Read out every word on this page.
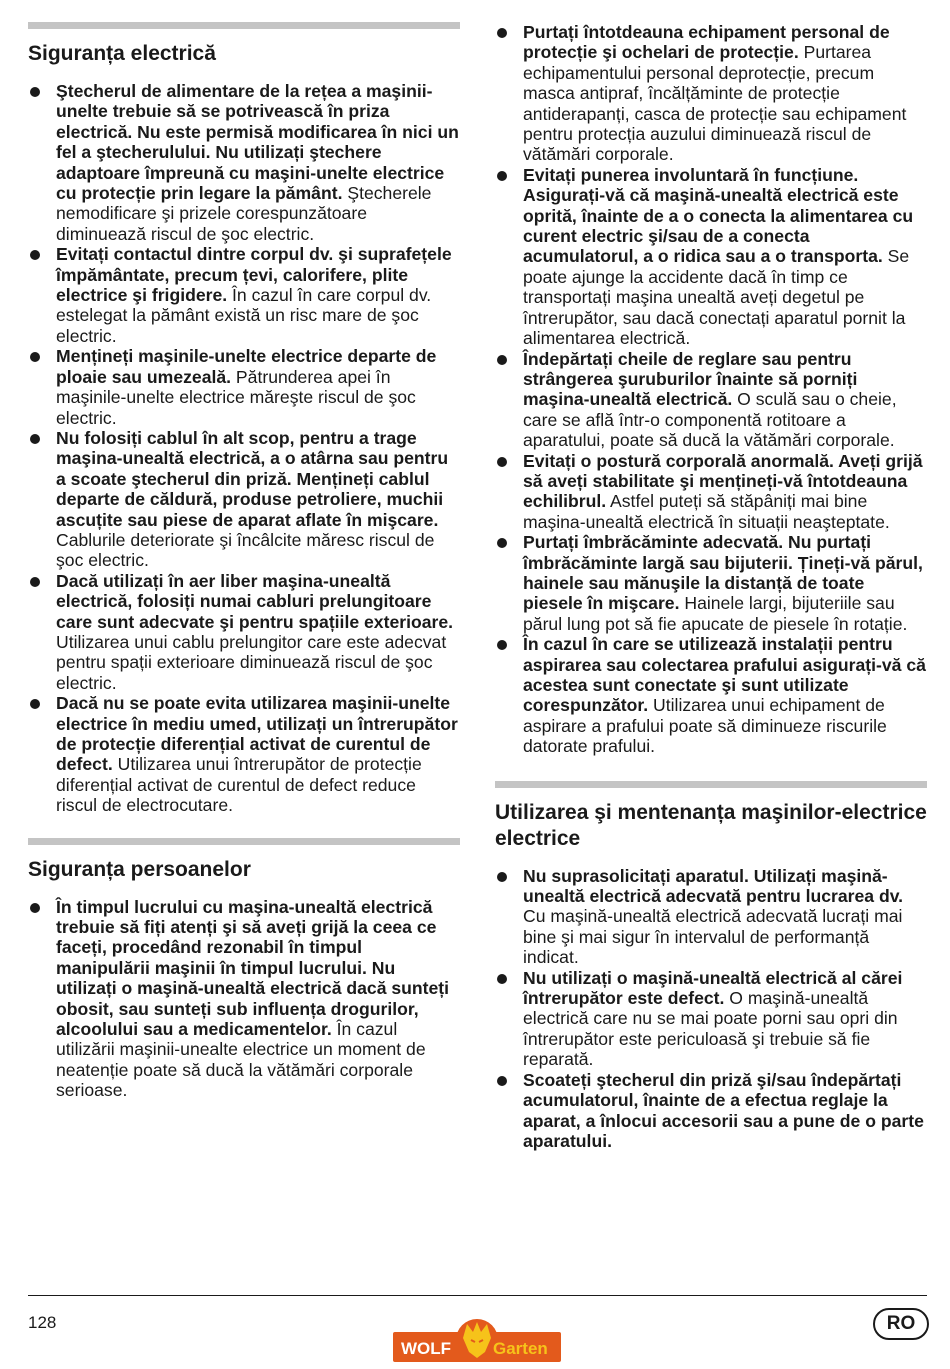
Siguranța electrică

Ştecherul de alimentare de la rețea a maşinii-unelte trebuie să se potrivească în priza electrică. Nu este permisă modificarea în nici un fel a ştecherulului. Nu utilizați ştechere adaptoare împreună cu maşini-unelte electrice cu protecție prin legare la pământ. Ştecherele nemodificare şi prizele corespunzătoare diminuează riscul de şoc electric.

Evitați contactul dintre corpul dv. şi suprafețele împământate, precum țevi, calorifere, plite electrice şi frigidere. În cazul în care corpul dv. estelegat la pământ există un risc mare de şoc electric.

Mențineți maşinile-unelte electrice departe de ploaie sau umezeală. Pătrunderea apei în maşinile-unelte electrice măreşte riscul de şoc electric.

Nu folosiți cablul în alt scop, pentru a trage maşina-unealtă electrică, a o atârna sau pentru a scoate ştecherul din priză. Mențineți cablul departe de căldură, produse petroliere, muchii ascuțite sau piese de aparat aflate în mişcare. Cablurile deteriorate şi încâlcite măresc riscul de şoc electric.

Dacă utilizați în aer liber maşina-unealtă electrică, folosiți numai cabluri prelungitoare care sunt adecvate şi pentru spațiile exterioare. Utilizarea unui cablu prelungitor care este adecvat pentru spații exterioare diminuează riscul de şoc electric.

Dacă nu se poate evita utilizarea maşinii-unelte electrice în mediu umed, utilizați un întrerupător de protecție diferențial activat de curentul de defect. Utilizarea unui întrerupător de protecție diferențial activat de curentul de defect reduce riscul de electrocutare.

Siguranța persoanelor

În timpul lucrului cu maşina-unealtă electrică trebuie să fiți atenți şi să aveți grijă la ceea ce faceți, procedând rezonabil în timpul manipulării maşinii în timpul lucrului. Nu utilizați o maşină-unealtă electrică dacă sunteți obosit, sau sunteți sub influența drogurilor, alcoolului sau a medicamentelor. În cazul utilizării maşinii-unealte electrice un moment de neatenție poate să ducă la vătămări corporale serioase.

Purtați întotdeauna echipament personal de protecție şi ochelari de protecție. Purtarea echipamentului personal deprotecție, precum masca antipraf, încălțăminte de protecție antiderapanți, casca de protecție sau echipament pentru protecția auzului diminuează riscul de vătămări corporale.

Evitați punerea involuntară în funcțiune. Asigurați-vă că maşină-unealtă electrică este oprită, înainte de a o conecta la alimentarea cu curent electric şi/sau de a conecta acumulatorul, a o ridica sau a o transporta. Se poate ajunge la accidente dacă în timp ce transportați maşina unealtă aveți degetul pe întrerupător, sau dacă conectați aparatul pornit la alimentarea electrică.

Îndepărtați cheile de reglare sau pentru strângerea şuruburilor înainte să porniți maşina-unealtă electrică. O sculă sau o cheie, care se află într-o componentă rotitoare a aparatului, poate să ducă la vătămări corporale.

Evitați o postură corporală anormală. Aveți grijă să aveți stabilitate şi mențineți-vă întotdeauna echilibrul. Astfel puteți să stăpâniți mai bine maşina-unealtă electrică în situații neaşteptate.

Purtați îmbrăcăminte adecvată. Nu purtați îmbrăcăminte largă sau bijuterii. Țineți-vă părul, hainele sau mănuşile la distanță de toate piesele în mişcare. Hainele largi, bijuteriile sau părul lung pot să fie apucate de piesele în rotație.

În cazul în care se utilizează instalații pentru aspirarea sau colectarea prafului asigurați-vă că acestea sunt conectate şi sunt utilizate corespunzător. Utilizarea unui echipament de aspirare a prafului poate să diminueze riscurile datorate prafului.

Utilizarea şi mentenanța maşinilor-electrice electrice

Nu suprasolicitați aparatul. Utilizați maşină-unealtă electrică adecvată pentru lucrarea dv. Cu maşină-unealtă electrică adecvată lucrați mai bine şi mai sigur în intervalul de performanță indicat.

Nu utilizați o maşină-unealtă electrică al cărei întrerupător este defect. O maşină-unealtă electrică care nu se mai poate porni sau opri din întrerupător este periculoasă şi trebuie să fie reparată.

Scoateți ştecherul din priză şi/sau îndepărtați acumulatorul, înainte de a efectua reglaje la aparat, a înlocui accesorii sau a pune de o parte aparatului.

128	RO
WOLF Garten
